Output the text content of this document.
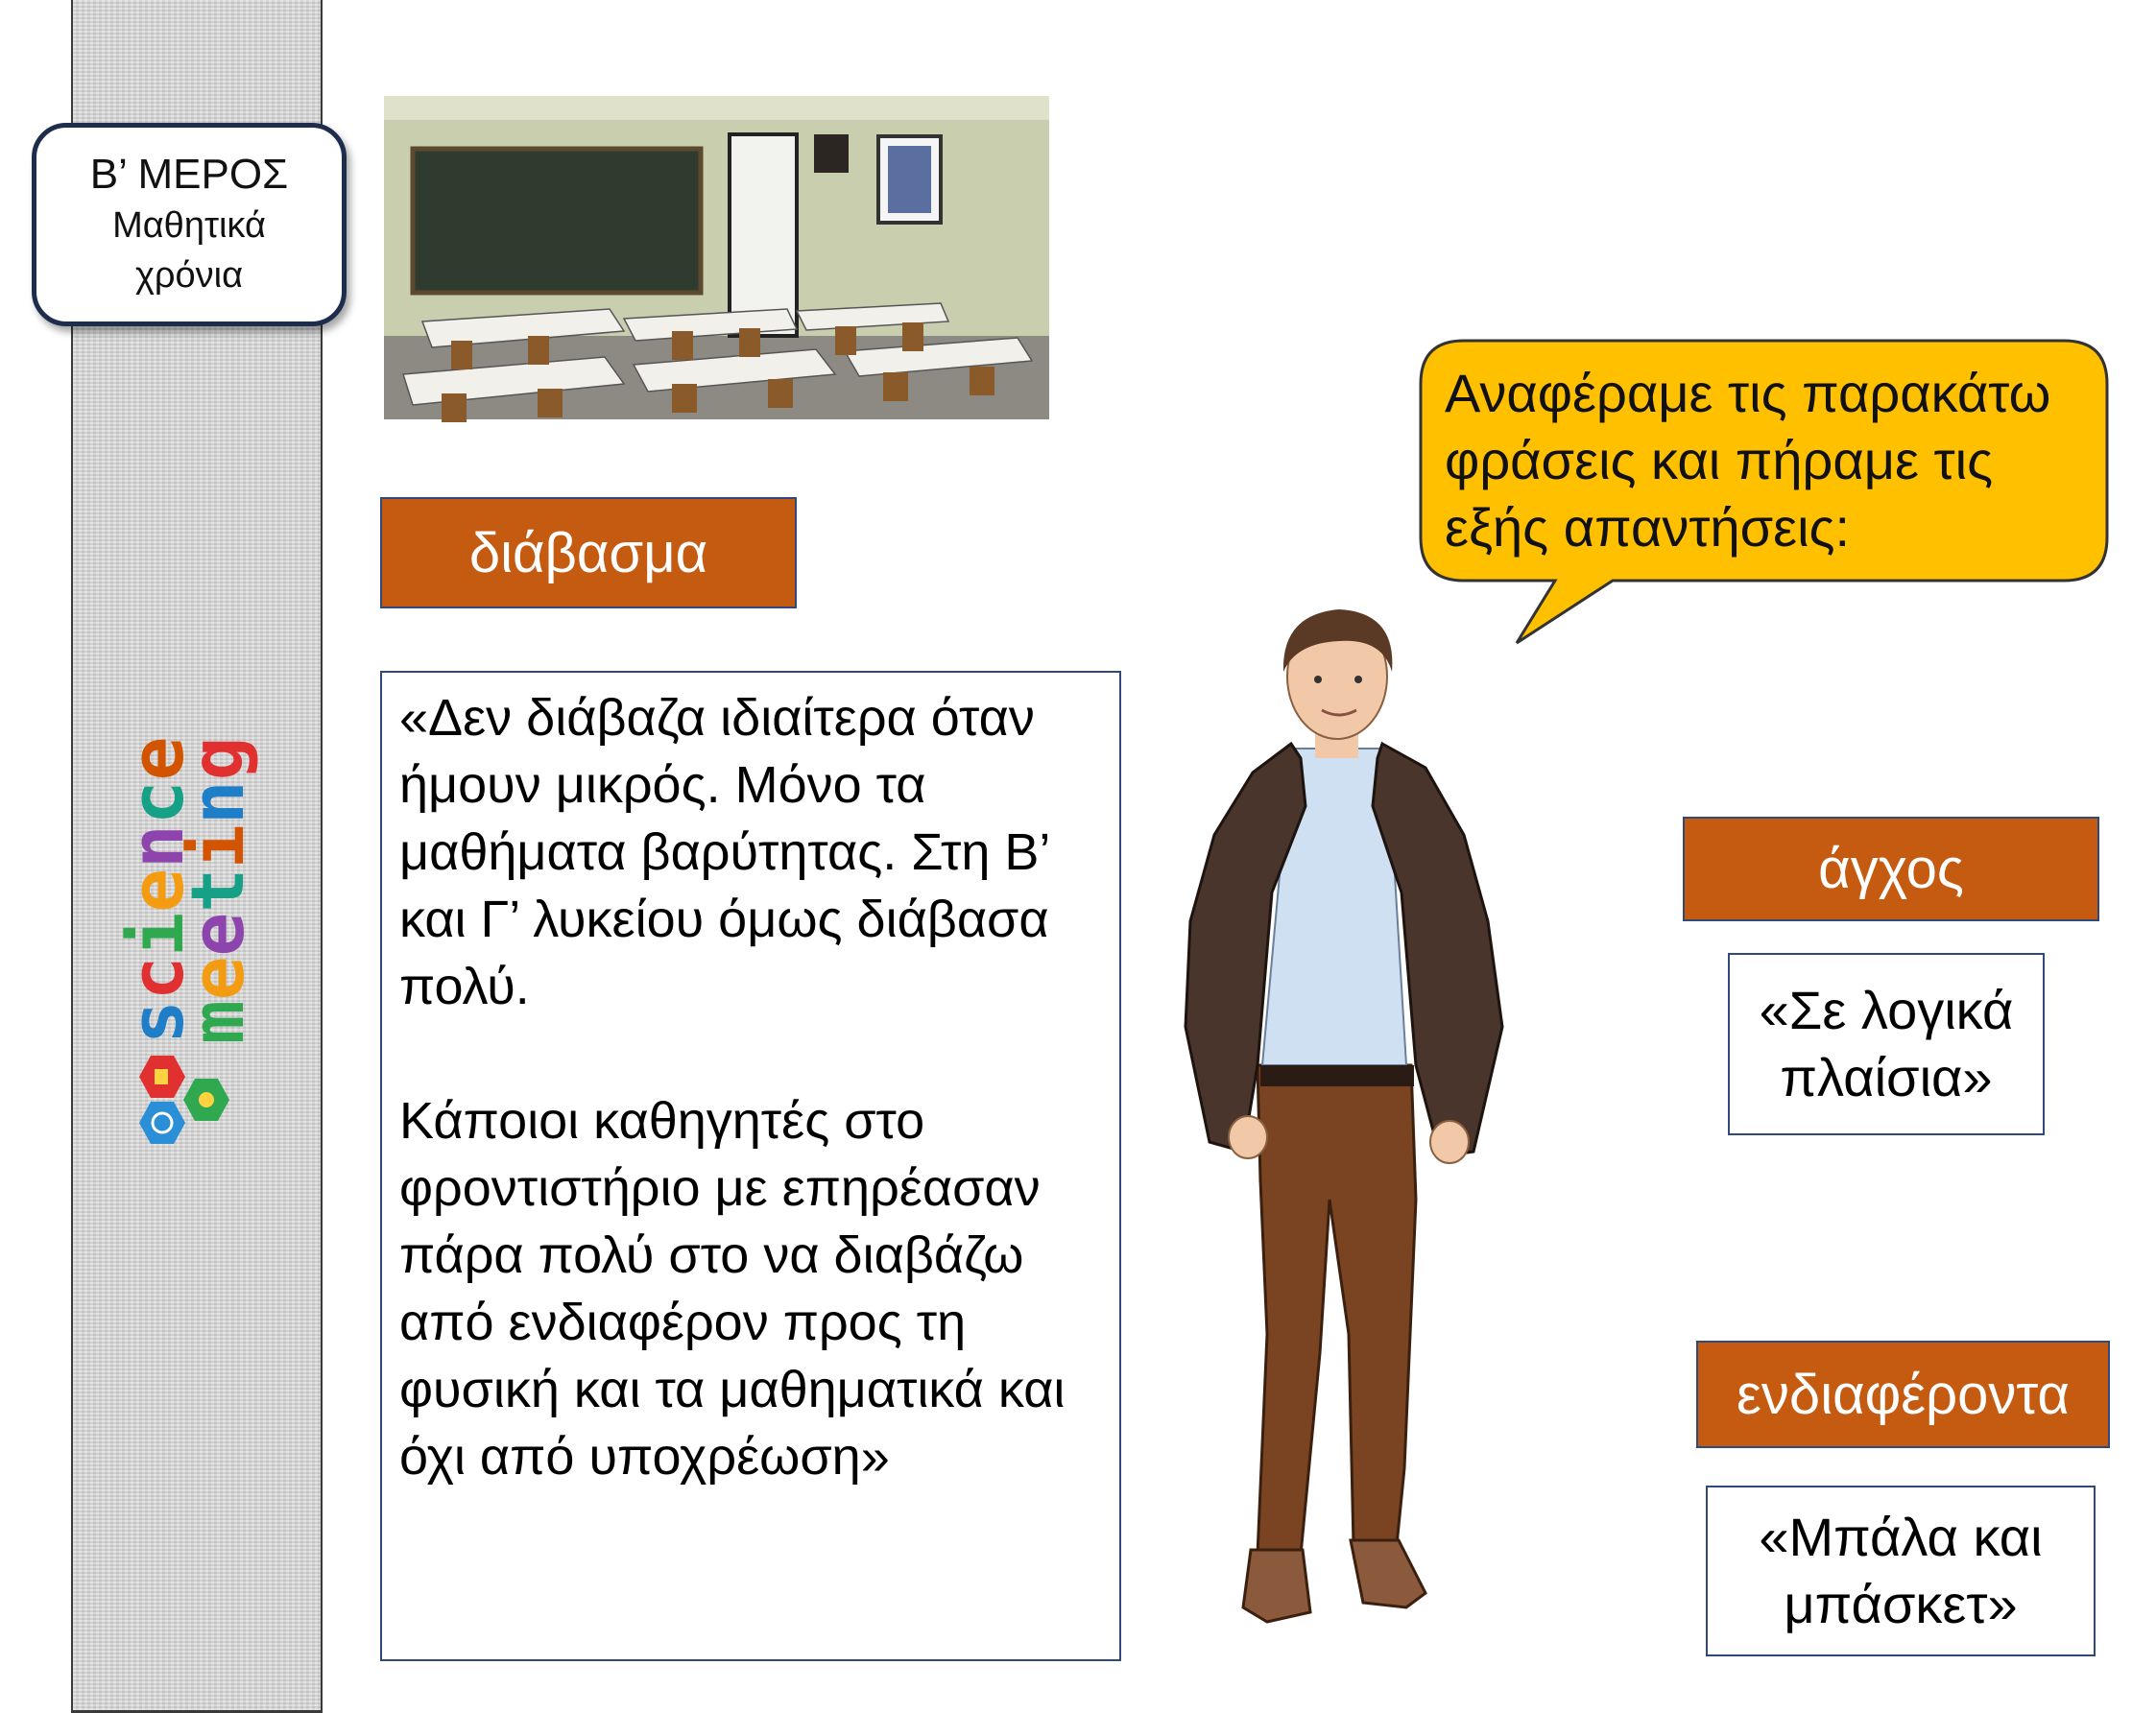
Β’ ΜΕΡΟΣ
Μαθητικά
χρόνια
science
meeting
διάβασμα

«Δεν διάβαζα ιδιαίτερα όταν ήμουν μικρός. Μόνο τα μαθήματα βαρύτητας. Στη Β’ και Γ’ λυκείου όμως διάβασα πολύ.

Κάποιοι καθηγητές στο φροντιστήριο με επηρέασαν πάρα πολύ στο να διαβάζω από ενδιαφέρον προς τη φυσική και τα μαθηματικά και όχι από υποχρέωση»

Αναφέραμε τις παρακάτω
φράσεις και πήραμε τις
εξής απαντήσεις:
άγχος
«Σε λογικά
πλαίσια»
ενδιαφέροντα
«Μπάλα και
μπάσκετ»
